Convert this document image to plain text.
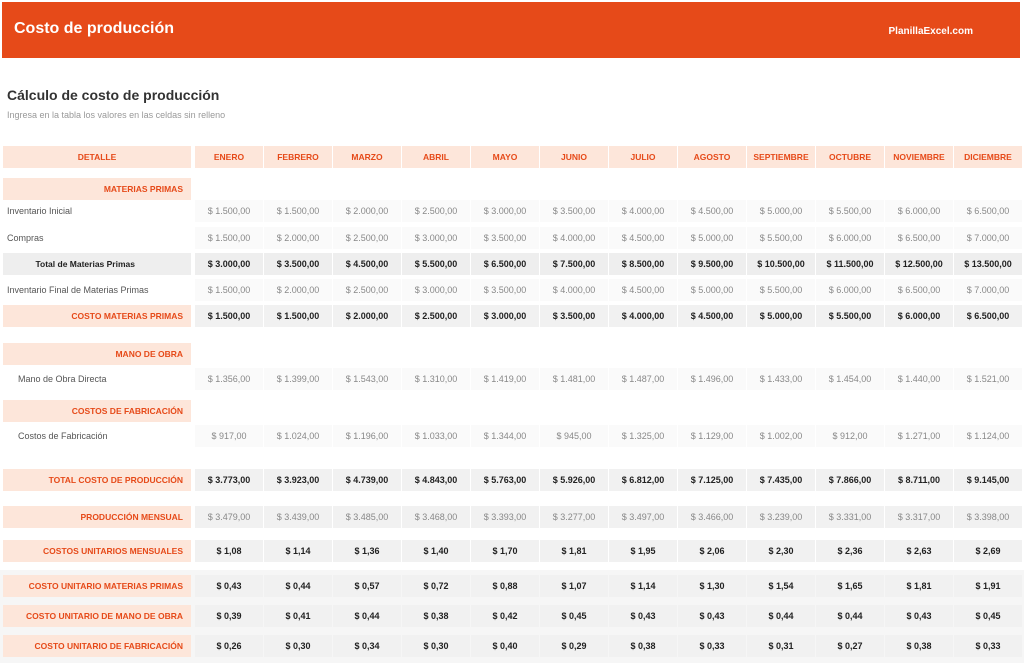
Costo de producción	PlanillaExcel.com
Cálculo de costo de producción
Ingresa en la tabla los valores en las celdas sin relleno
DETALLE	ENERO	FEBRERO	MARZO	ABRIL	MAYO	JUNIO	JULIO	AGOSTO	SEPTIEMBRE	OCTUBRE	NOVIEMBRE	DICIEMBRE
MATERIAS PRIMAS
Inventario Inicial	$ 1.500,00	$ 1.500,00	$ 2.000,00	$ 2.500,00	$ 3.000,00	$ 3.500,00	$ 4.000,00	$ 4.500,00	$ 5.000,00	$ 5.500,00	$ 6.000,00	$ 6.500,00
Compras	$ 1.500,00	$ 2.000,00	$ 2.500,00	$ 3.000,00	$ 3.500,00	$ 4.000,00	$ 4.500,00	$ 5.000,00	$ 5.500,00	$ 6.000,00	$ 6.500,00	$ 7.000,00
Total de Materias Primas	$ 3.000,00	$ 3.500,00	$ 4.500,00	$ 5.500,00	$ 6.500,00	$ 7.500,00	$ 8.500,00	$ 9.500,00	$ 10.500,00	$ 11.500,00	$ 12.500,00	$ 13.500,00
Inventario Final de Materias Primas	$ 1.500,00	$ 2.000,00	$ 2.500,00	$ 3.000,00	$ 3.500,00	$ 4.000,00	$ 4.500,00	$ 5.000,00	$ 5.500,00	$ 6.000,00	$ 6.500,00	$ 7.000,00
COSTO MATERIAS PRIMAS	$ 1.500,00	$ 1.500,00	$ 2.000,00	$ 2.500,00	$ 3.000,00	$ 3.500,00	$ 4.000,00	$ 4.500,00	$ 5.000,00	$ 5.500,00	$ 6.000,00	$ 6.500,00
MANO DE OBRA
Mano de Obra Directa	$ 1.356,00	$ 1.399,00	$ 1.543,00	$ 1.310,00	$ 1.419,00	$ 1.481,00	$ 1.487,00	$ 1.496,00	$ 1.433,00	$ 1.454,00	$ 1.440,00	$ 1.521,00
COSTOS DE FABRICACIÓN
Costos de Fabricación	$ 917,00	$ 1.024,00	$ 1.196,00	$ 1.033,00	$ 1.344,00	$ 945,00	$ 1.325,00	$ 1.129,00	$ 1.002,00	$ 912,00	$ 1.271,00	$ 1.124,00
TOTAL COSTO DE PRODUCCIÓN	$ 3.773,00	$ 3.923,00	$ 4.739,00	$ 4.843,00	$ 5.763,00	$ 5.926,00	$ 6.812,00	$ 7.125,00	$ 7.435,00	$ 7.866,00	$ 8.711,00	$ 9.145,00
PRODUCCIÓN MENSUAL	$ 3.479,00	$ 3.439,00	$ 3.485,00	$ 3.468,00	$ 3.393,00	$ 3.277,00	$ 3.497,00	$ 3.466,00	$ 3.239,00	$ 3.331,00	$ 3.317,00	$ 3.398,00
COSTOS UNITARIOS MENSUALES	$ 1,08	$ 1,14	$ 1,36	$ 1,40	$ 1,70	$ 1,81	$ 1,95	$ 2,06	$ 2,30	$ 2,36	$ 2,63	$ 2,69
COSTO UNITARIO MATERIAS PRIMAS	$ 0,43	$ 0,44	$ 0,57	$ 0,72	$ 0,88	$ 1,07	$ 1,14	$ 1,30	$ 1,54	$ 1,65	$ 1,81	$ 1,91
COSTO UNITARIO DE MANO DE OBRA	$ 0,39	$ 0,41	$ 0,44	$ 0,38	$ 0,42	$ 0,45	$ 0,43	$ 0,43	$ 0,44	$ 0,44	$ 0,43	$ 0,45
COSTO UNITARIO DE FABRICACIÓN	$ 0,26	$ 0,30	$ 0,34	$ 0,30	$ 0,40	$ 0,29	$ 0,38	$ 0,33	$ 0,31	$ 0,27	$ 0,38	$ 0,33
